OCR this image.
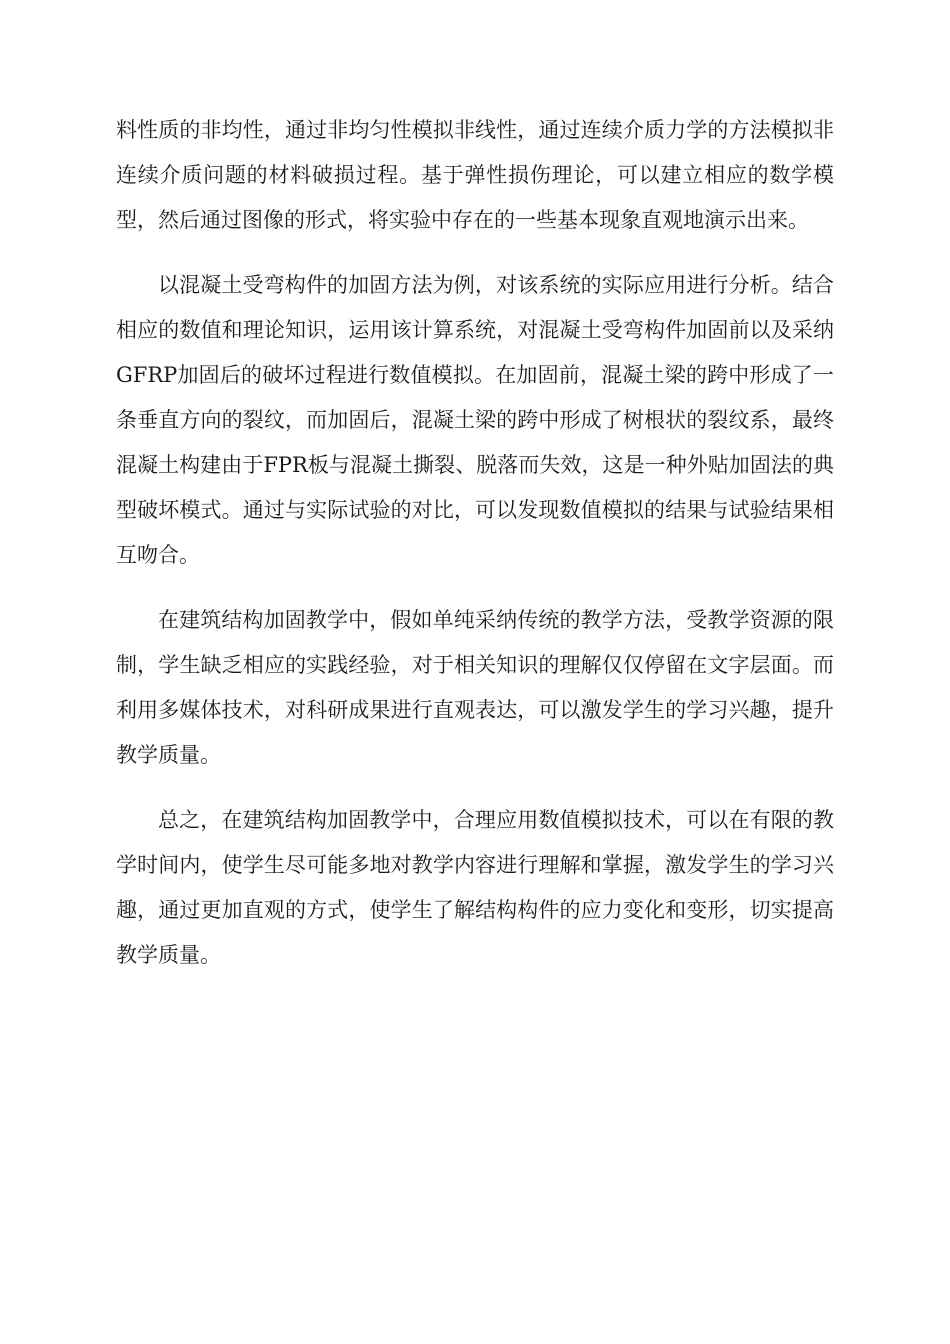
料性质的非均性，通过非均匀性模拟非线性，通过连续介质力学的方法模拟非连续介质问题的材料破损过程。基于弹性损伤理论，可以建立相应的数学模型，然后通过图像的形式，将实验中存在的一些基本现象直观地演示出来。

以混凝土受弯构件的加固方法为例，对该系统的实际应用进行分析。结合相应的数值和理论知识，运用该计算系统，对混凝土受弯构件加固前以及采纳GFRP加固后的破坏过程进行数值模拟。在加固前，混凝土梁的跨中形成了一条垂直方向的裂纹，而加固后，混凝土梁的跨中形成了树根状的裂纹系，最终混凝土构建由于FPR板与混凝土撕裂、脱落而失效，这是一种外贴加固法的典型破坏模式。通过与实际试验的对比，可以发现数值模拟的结果与试验结果相互吻合。

在建筑结构加固教学中，假如单纯采纳传统的教学方法，受教学资源的限制，学生缺乏相应的实践经验，对于相关知识的理解仅仅停留在文字层面。而利用多媒体技术，对科研成果进行直观表达，可以激发学生的学习兴趣，提升教学质量。

总之，在建筑结构加固教学中，合理应用数值模拟技术，可以在有限的教学时间内，使学生尽可能多地对教学内容进行理解和掌握，激发学生的学习兴趣，通过更加直观的方式，使学生了解结构构件的应力变化和变形，切实提高教学质量。
